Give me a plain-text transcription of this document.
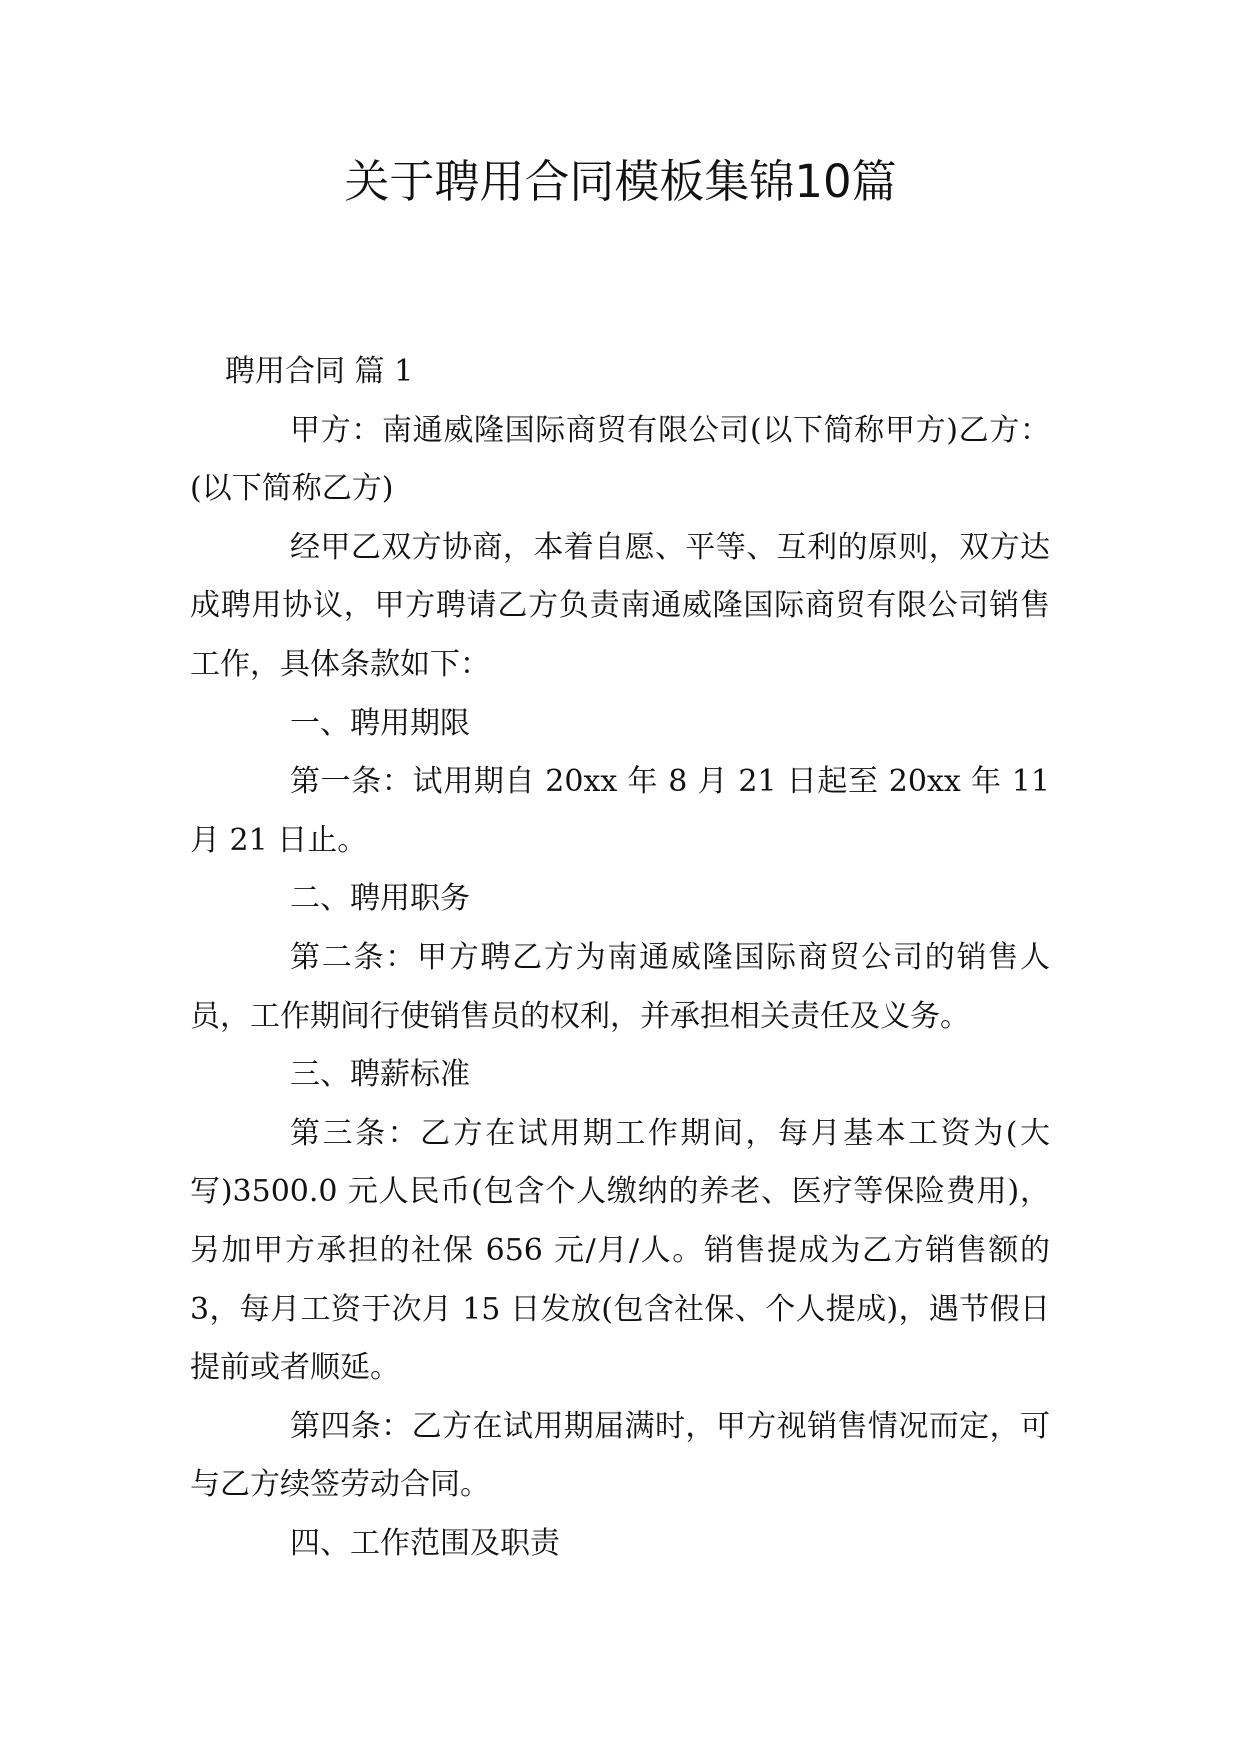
关于聘用合同模板集锦10篇

聘用合同 篇 1

甲方：南通威隆国际商贸有限公司(以下简称甲方)乙方：(以下简称乙方)

经甲乙双方协商，本着自愿、平等、互利的原则，双方达成聘用协议，甲方聘请乙方负责南通威隆国际商贸有限公司销售工作，具体条款如下：

一、聘用期限

第一条：试用期自 20xx 年 8 月 21 日起至 20xx 年 11 月 21 日止。

二、聘用职务

第二条：甲方聘乙方为南通威隆国际商贸公司的销售人员，工作期间行使销售员的权利，并承担相关责任及义务。

三、聘薪标准

第三条：乙方在试用期工作期间，每月基本工资为(大写)3500.0 元人民币(包含个人缴纳的养老、医疗等保险费用)，另加甲方承担的社保 656 元/月/人。销售提成为乙方销售额的 3，每月工资于次月 15 日发放(包含社保、个人提成)，遇节假日提前或者顺延。

第四条：乙方在试用期届满时，甲方视销售情况而定，可与乙方续签劳动合同。

四、工作范围及职责
